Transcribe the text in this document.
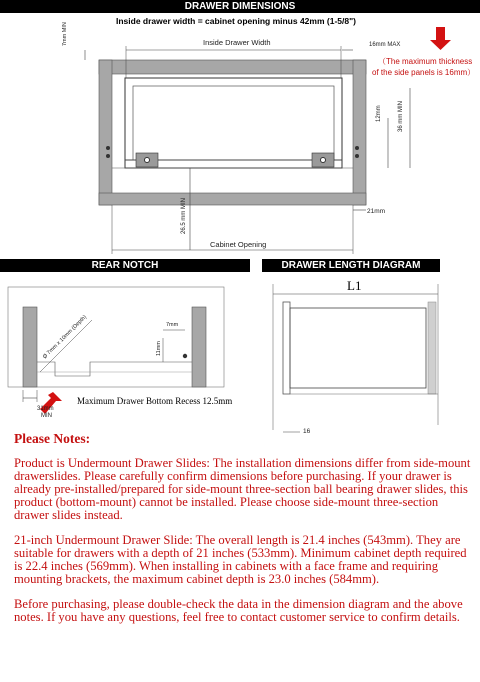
DRAWER DIMENSIONS
Inside drawer width = cabinet opening minus 42mm (1-5/8")
7mm MIN	Inside Drawer Width	16mm MAX
（The maximum thickness
of the side panels is 16mm）
12mm	36 mm MIN
26.5 mm MIN	21mm
Cabinet Opening
REAR NOTCH	DRAWER LENGTH DIAGRAM
7mm
11mm
Ø 7mm x 10mm (Depth)
Maximum Drawer Bottom Recess 12.5mm
31mm
MIN
L1
16

Please Notes:

Product is Undermount Drawer Slides: The installation dimensions differ from side-mount drawerslides. Please carefully confirm dimensions before purchasing. If your drawer is already pre-installed/prepared for side-mount three-section ball bearing drawer slides, this product (bottom-mount) cannot be installed. Please choose side-mount three-section drawer slides instead.

21-inch Undermount Drawer Slide: The overall length is 21.4 inches (543mm). They are suitable for drawers with a depth of 21 inches (533mm). Minimum cabinet depth required is 22.4 inches (569mm). When installing in cabinets with a face frame and requiring mounting brackets, the maximum cabinet depth is 23.0 inches (584mm).

Before purchasing, please double-check the data in the dimension diagram and the above notes. If you have any questions, feel free to contact customer service to confirm details.
